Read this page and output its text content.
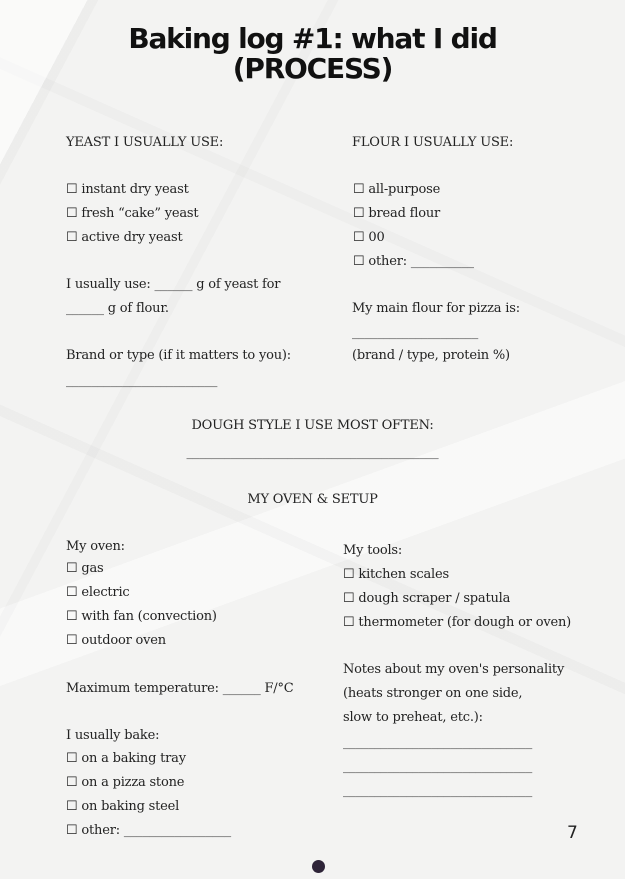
Baking log #1: what I did
(PROCESS)
YEAST I USUALLY USE:
☐ instant dry yeast
☐ fresh “cake” yeast
☐ active dry yeast
I usually use: ______ g of yeast for
______ g of flour.
Brand or type (if it matters to you):
________________________
FLOUR I USUALLY USE:
☐ all-purpose
☐ bread flour
☐ 00
☐ other: __________
My main flour for pizza is:
____________________
(brand / type, protein %)
DOUGH STYLE I USE MOST OFTEN:
________________________________________
MY OVEN & SETUP
My oven:
☐ gas
☐ electric
☐ with fan (convection)
☐ outdoor oven
Maximum temperature: ______ F/°C
I usually bake:
☐ on a baking tray
☐ on a pizza stone
☐ on baking steel
☐ other: _________________
My tools:
☐ kitchen scales
☐ dough scraper / spatula
☐ thermometer (for dough or oven)
Notes about my oven's personality
(heats stronger on one side,
slow to preheat, etc.):
______________________________
______________________________
______________________________
7
